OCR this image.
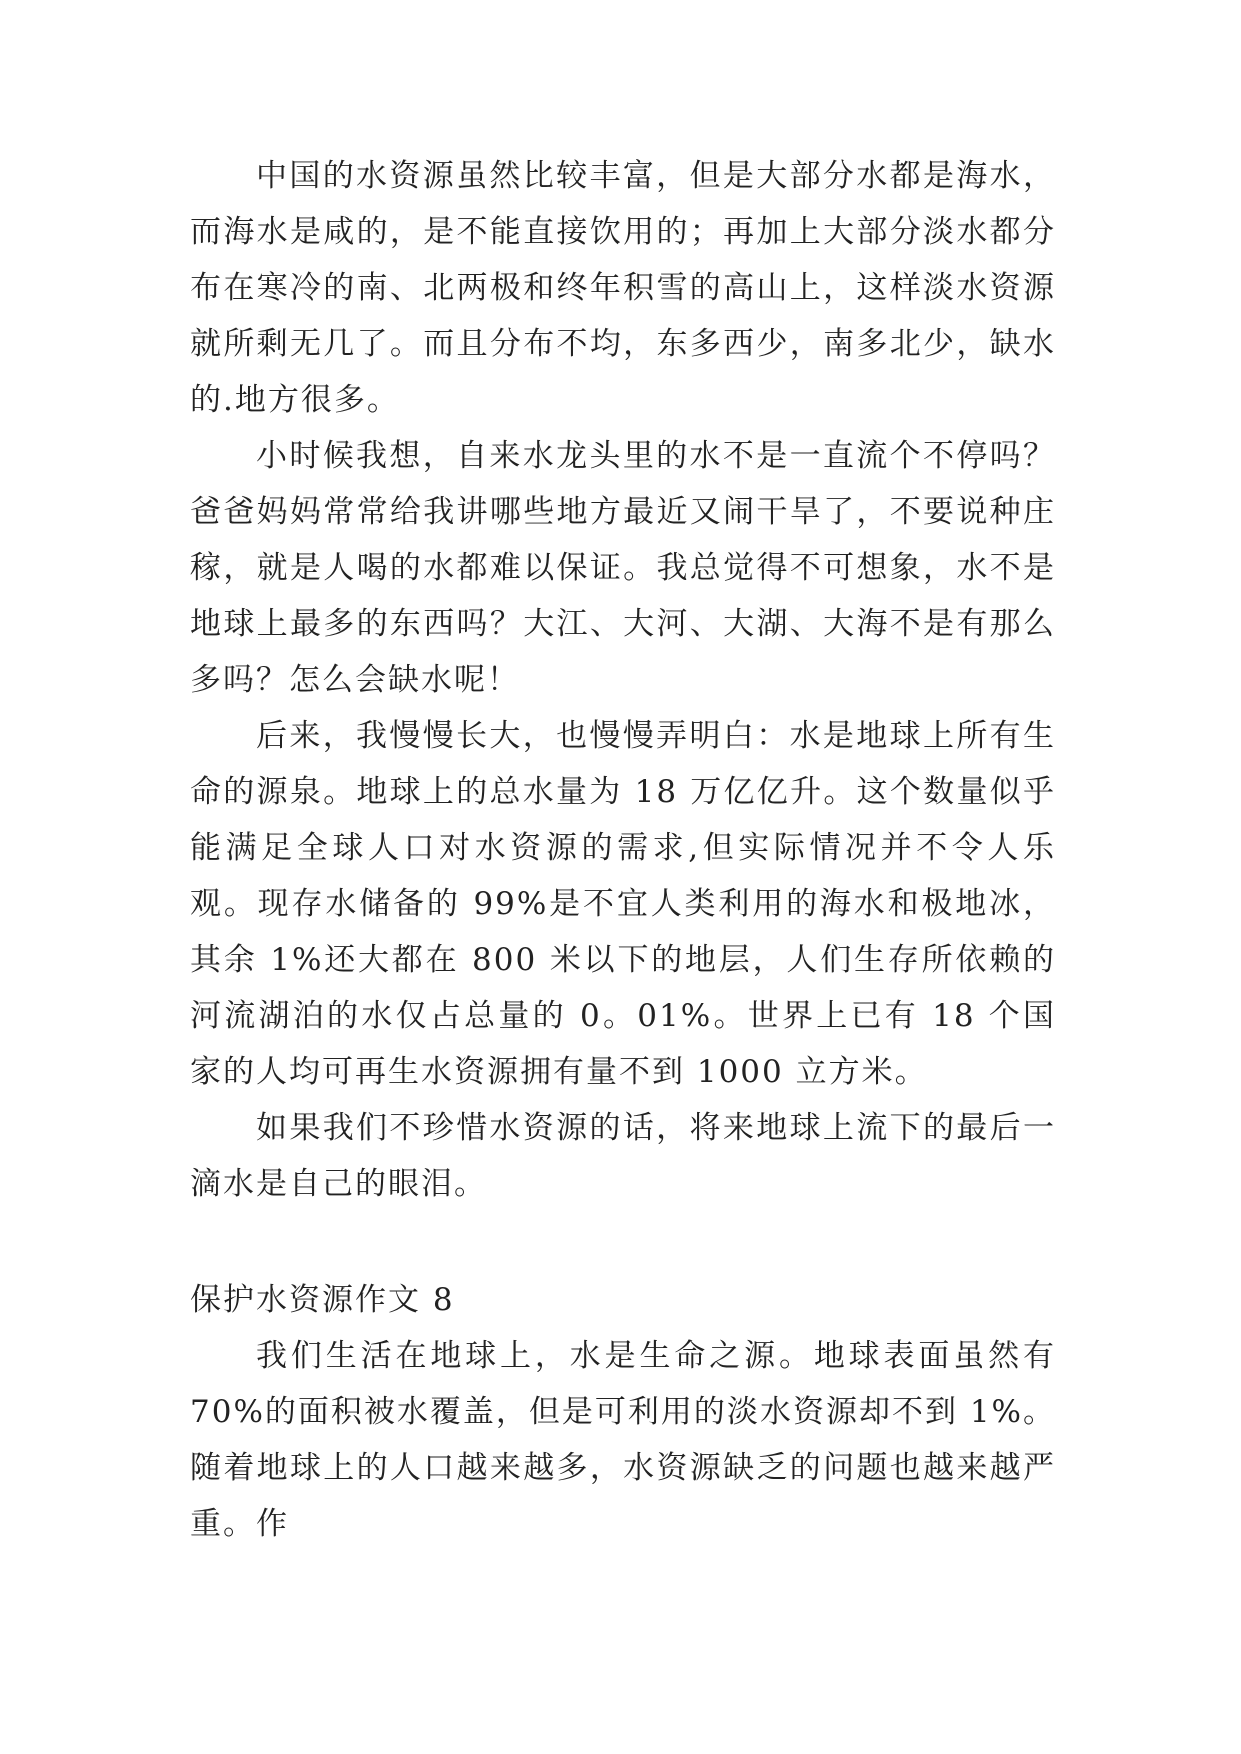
中国的水资源虽然比较丰富，但是大部分水都是海水，而海水是咸的，是不能直接饮用的；再加上大部分淡水都分布在寒冷的南、北两极和终年积雪的高山上，这样淡水资源就所剩无几了。而且分布不均，东多西少，南多北少，缺水的.地方很多。

小时候我想，自来水龙头里的水不是一直流个不停吗？爸爸妈妈常常给我讲哪些地方最近又闹干旱了，不要说种庄稼，就是人喝的水都难以保证。我总觉得不可想象，水不是地球上最多的东西吗？大江、大河、大湖、大海不是有那么多吗？怎么会缺水呢！

后来，我慢慢长大，也慢慢弄明白：水是地球上所有生命的源泉。地球上的总水量为 18 万亿亿升。这个数量似乎能满足全球人口对水资源的需求,但实际情况并不令人乐观。现存水储备的 99%是不宜人类利用的海水和极地冰，其余 1%还大都在 800 米以下的地层，人们生存所依赖的河流湖泊的水仅占总量的 0。01%。世界上已有 18 个国家的人均可再生水资源拥有量不到 1000 立方米。

如果我们不珍惜水资源的话，将来地球上流下的最后一滴水是自己的眼泪。

保护水资源作文 8

我们生活在地球上，水是生命之源。地球表面虽然有 70%的面积被水覆盖，但是可利用的淡水资源却不到 1%。随着地球上的人口越来越多，水资源缺乏的问题也越来越严重。作
